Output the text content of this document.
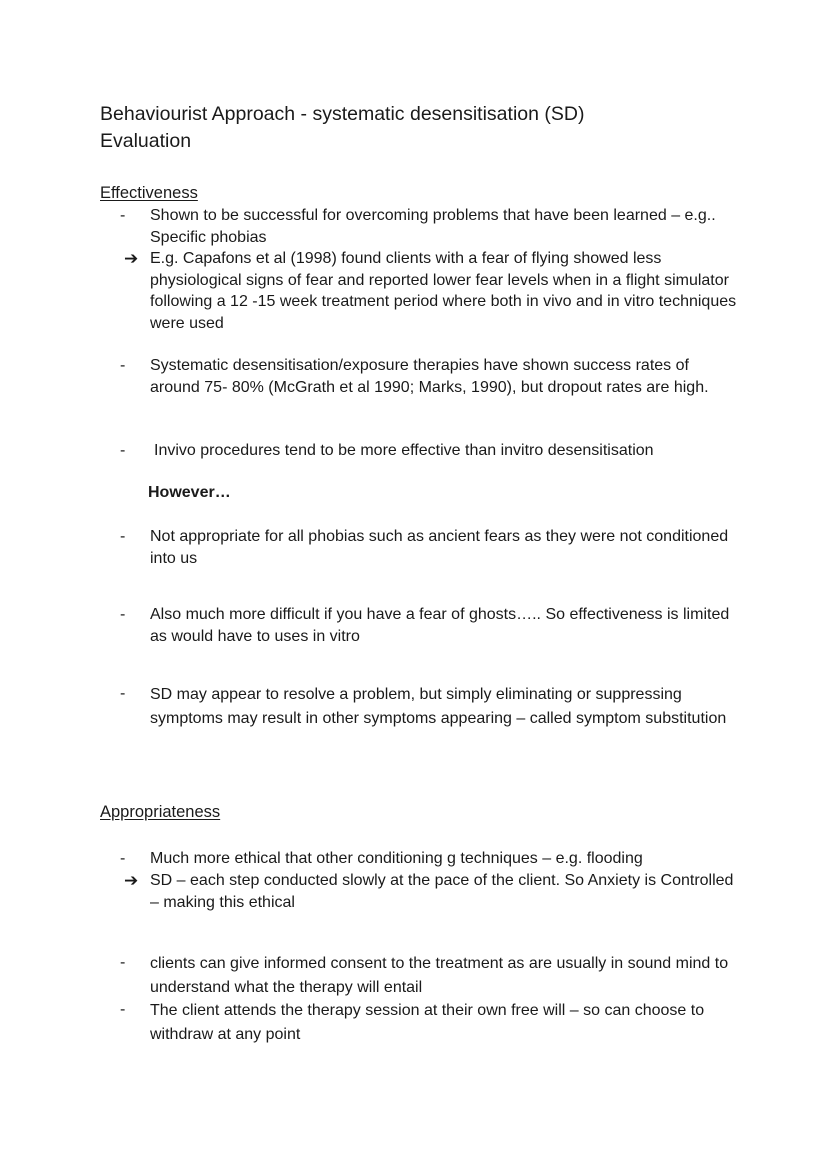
Behaviourist Approach - systematic desensitisation (SD)
Evaluation
Effectiveness
-	Shown to be successful for overcoming problems that have been learned – e.g.. Specific phobias
➔ E.g. Capafons et al (1998) found clients with a fear of flying showed less physiological signs of fear and reported lower fear levels when in a flight simulator following a 12 -15 week treatment period where both in vivo and in vitro techniques were used
-	Systematic desensitisation/exposure therapies have shown success rates of around 75- 80% (McGrath et al 1990; Marks, 1990), but dropout rates are high.
-	Invivo procedures tend to be more effective than invitro desensitisation
However…
-	Not appropriate for all phobias such as ancient fears as they were not conditioned into us
-	Also much more difficult if you have a fear of ghosts….. So effectiveness is limited as would have to uses in vitro
-	SD may appear to resolve a problem, but simply eliminating or suppressing symptoms may result in other symptoms appearing – called symptom substitution
Appropriateness
-	Much more ethical that other conditioning g techniques – e.g. flooding
➔ SD – each step conducted slowly at the pace of the client. So Anxiety is Controlled – making this ethical
-	clients can give informed consent to the treatment as are usually in sound mind to understand what the therapy will entail
-	The client attends the therapy session at their own free will – so can choose to withdraw at any point
